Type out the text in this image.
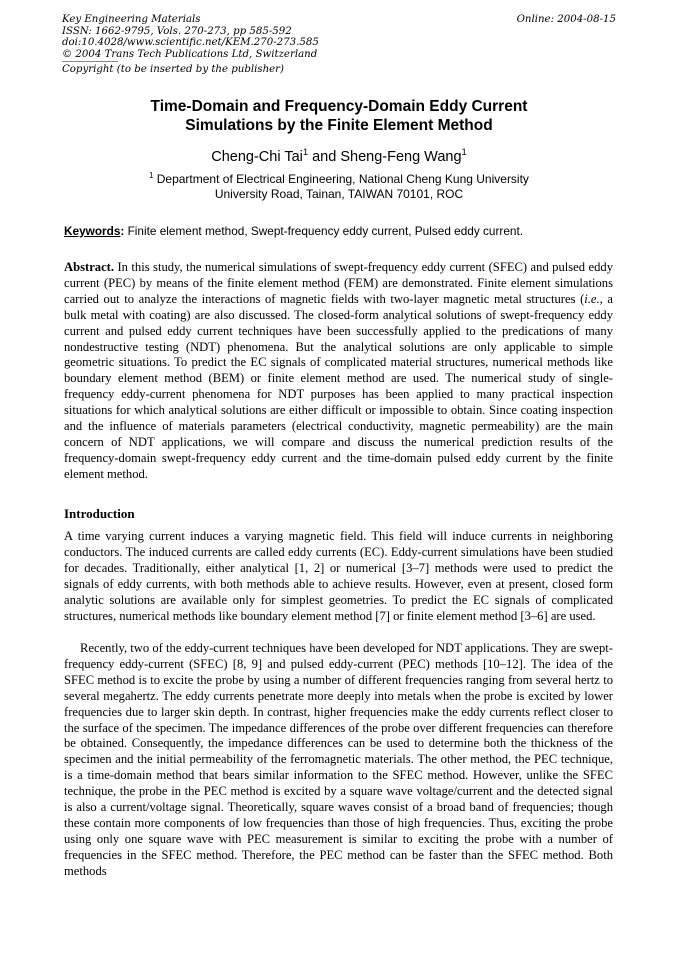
Key Engineering Materials
ISSN: 1662-9795, Vols. 270-273, pp 585-592
doi:10.4028/www.scientific.net/KEM.270-273.585
© 2004 Trans Tech Publications Ltd, Switzerland
Copyright (to be inserted by the publisher)
Online: 2004-08-15
Time-Domain and Frequency-Domain Eddy Current
Simulations by the Finite Element Method
Cheng-Chi Tai$^1$ and Sheng-Feng Wang$^1$
$^1$ Department of Electrical Engineering, National Cheng Kung University
University Road, Tainan, TAIWAN 70101, ROC
Keywords: Finite element method, Swept-frequency eddy current, Pulsed eddy current.
Abstract. In this study, the numerical simulations of swept-frequency eddy current (SFEC) and pulsed eddy current (PEC) by means of the finite element method (FEM) are demonstrated. Finite element simulations carried out to analyze the interactions of magnetic fields with two-layer magnetic metal structures (i.e., a bulk metal with coating) are also discussed. The closed-form analytical solutions of swept-frequency eddy current and pulsed eddy current techniques have been successfully applied to the predications of many nondestructive testing (NDT) phenomena. But the analytical solutions are only applicable to simple geometric situations. To predict the EC signals of complicated material structures, numerical methods like boundary element method (BEM) or finite element method are used. The numerical study of single-frequency eddy-current phenomena for NDT purposes has been applied to many practical inspection situations for which analytical solutions are either difficult or impossible to obtain. Since coating inspection and the influence of materials parameters (electrical conductivity, magnetic permeability) are the main concern of NDT applications, we will compare and discuss the numerical prediction results of the frequency-domain swept-frequency eddy current and the time-domain pulsed eddy current by the finite element method.
Introduction
A time varying current induces a varying magnetic field. This field will induce currents in neighboring conductors. The induced currents are called eddy currents (EC). Eddy-current simulations have been studied for decades. Traditionally, either analytical [1, 2] or numerical [3–7] methods were used to predict the signals of eddy currents, with both methods able to achieve results. However, even at present, closed form analytic solutions are available only for simplest geometries. To predict the EC signals of complicated structures, numerical methods like boundary element method [7] or finite element method [3–6] are used.
Recently, two of the eddy-current techniques have been developed for NDT applications. They are swept-frequency eddy-current (SFEC) [8, 9] and pulsed eddy-current (PEC) methods [10–12]. The idea of the SFEC method is to excite the probe by using a number of different frequencies ranging from several hertz to several megahertz. The eddy currents penetrate more deeply into metals when the probe is excited by lower frequencies due to larger skin depth. In contrast, higher frequencies make the eddy currents reflect closer to the surface of the specimen. The impedance differences of the probe over different frequencies can therefore be obtained. Consequently, the impedance differences can be used to determine both the thickness of the specimen and the initial permeability of the ferromagnetic materials. The other method, the PEC technique, is a time-domain method that bears similar information to the SFEC method. However, unlike the SFEC technique, the probe in the PEC method is excited by a square wave voltage/current and the detected signal is also a current/voltage signal. Theoretically, square waves consist of a broad band of frequencies; though these contain more components of low frequencies than those of high frequencies. Thus, exciting the probe using only one square wave with PEC measurement is similar to exciting the probe with a number of frequencies in the SFEC method. Therefore, the PEC method can be faster than the SFEC method. Both methods
